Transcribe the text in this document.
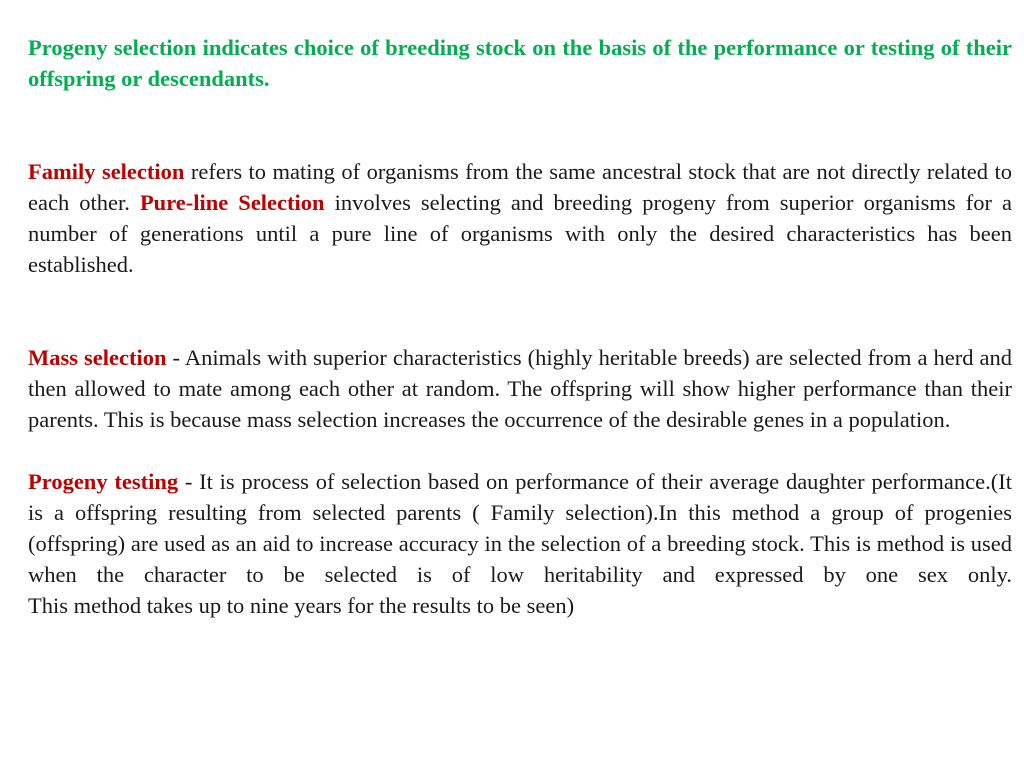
Progeny selection indicates choice of breeding stock on the basis of the performance or testing of their offspring or descendants.

Family selection refers to mating of organisms from the same ancestral stock that are not directly related to each other. Pure-line Selection involves selecting and breeding progeny from superior organisms for a number of generations until a pure line of organisms with only the desired characteristics has been established.

Mass selection - Animals with superior characteristics (highly heritable breeds) are selected from a herd and then allowed to mate among each other at random. The offspring will show higher performance than their parents. This is because mass selection increases the occurrence of the desirable genes in a population.

Progeny testing - It is process of selection based on performance of their average daughter performance.(It is a offspring resulting from selected parents ( Family selection).In this method a group of progenies (offspring) are used as an aid to increase accuracy in the selection of a breeding stock. This is method is used when the character to be selected is of low heritability and expressed by one sex only.
This method takes up to nine years for the results to be seen)
